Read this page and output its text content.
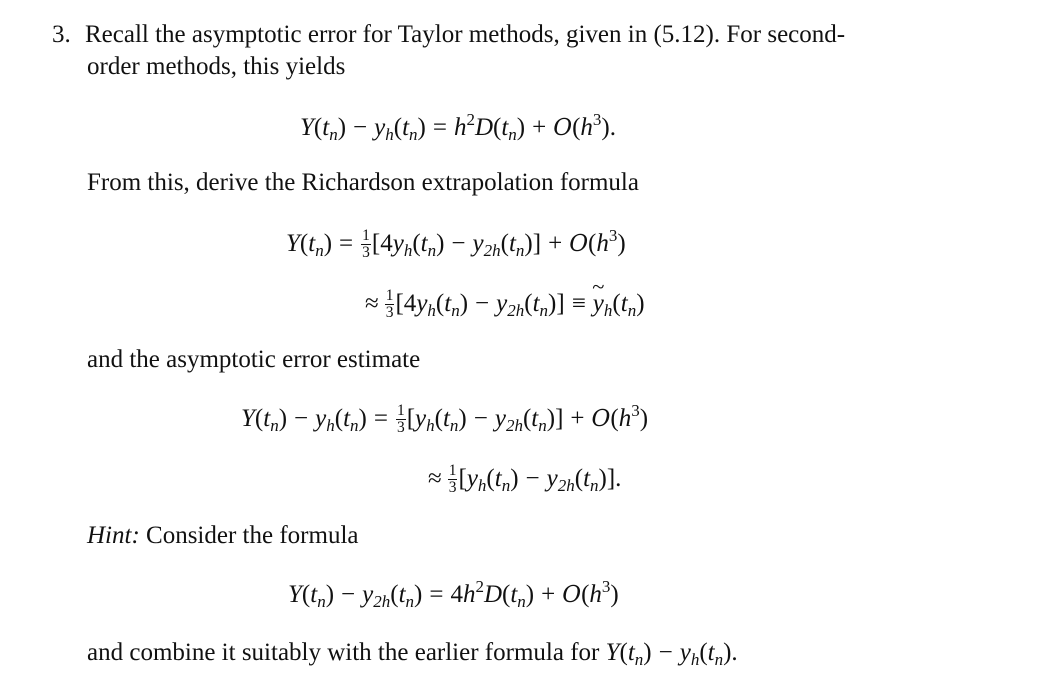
3. Recall the asymptotic error for Taylor methods, given in (5.12). For second-
order methods, this yields
$Y(t_n) - y_h(t_n) = h^2D(t_n) + O(h^3)$.
From this, derive the Richardson extrapolation formula
$Y(t_n) = \frac{1}{3} [4y_h(t_n) - y_{2h}(t_n)] + O(h^3)$
≈ $\frac{1}{3} [4y_h(t_n) - y_{2h}(t_n)]$ ≡~ $y_h(t_n)$
and the asymptotic error estimate
$Y(t_n) - y_h(t_n) = \frac{1}{3} [y_h(t_n) - y_{2h}(t_n)] + O(h^3)$
≈ $\frac{1}{3} [y_h(t_n) - y_{2h}(t_n)]$.
Hint: Consider the formula
$Y(t_n) - y_{2h}(t_n) = 4h^2D(t_n) + O(h^3)$
and combine it suitably with the earlier formula for $Y(t_n) - y_h(t_n)$.
